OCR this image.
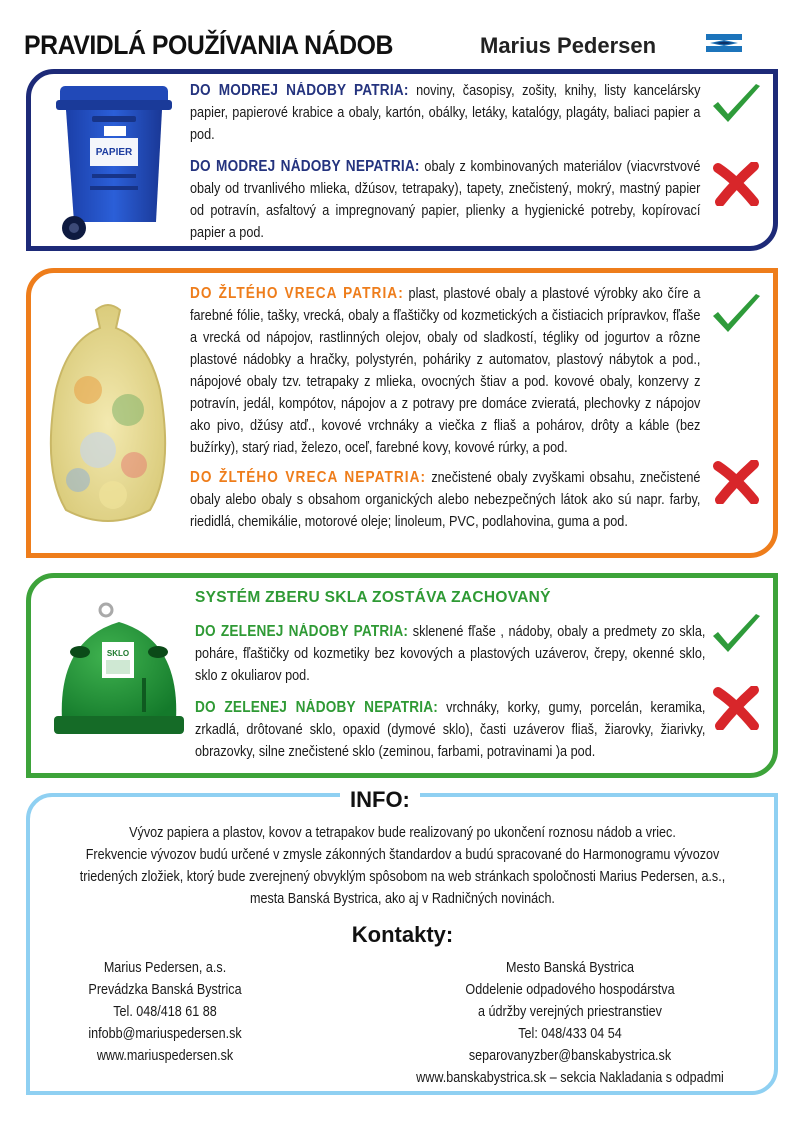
PRAVIDLÁ POUŽÍVANIA NÁDOB	Marius Pedersen
PAPIER
DO MODREJ NÁDOBY PATRIA: noviny, časopisy, zošity, knihy, listy kancelársky papier, papierové krabice a obaly, kartón, obálky, letáky, katalógy, plagáty, baliaci papier a pod.
DO MODREJ NÁDOBY NEPATRIA: obaly z kombinovaných materiálov (viacvrstvové obaly od trvanlivého mlieka, džúsov, tetrapaky), tapety, znečistený, mokrý, mastný papier od potravín, asfaltový a impregnovaný papier, plienky a hygienické potreby, kopírovací papier a pod.
DO ŽLTÉHO VRECA PATRIA: plast, plastové obaly a plastové výrobky ako číre a farebné fólie, tašky, vrecká, obaly a fľaštičky od kozmetických a čistiacich prípravkov, fľaše a vrecká od nápojov, rastlinných olejov, obaly od sladkostí, tégliky od jogurtov a rôzne plastové nádobky a hračky, polystyrén, poháriky z automatov, plastový nábytok a pod., nápojové obaly tzv. tetrapaky z mlieka, ovocných štiav a pod. kovové obaly, konzervy z potravín, jedál, kompótov, nápojov a z potravy pre domáce zvieratá, plechovky z nápojov ako pivo, džúsy atď., kovové vrchnáky a viečka z fliaš a pohárov, drôty a káble (bez bužírky), starý riad, železo, oceľ, farebné kovy, kovové rúrky, a pod.
DO ŽLTÉHO VRECA NEPATRIA: znečistené obaly zvyškami obsahu, znečistené obaly alebo obaly s obsahom organických alebo nebezpečných látok ako sú napr. farby, riedidlá, chemikálie, motorové oleje; linoleum, PVC, podlahovina, guma a pod.
SYSTÉM ZBERU SKLA ZOSTÁVA ZACHOVANÝ
SKLO
DO ZELENEJ NÁDOBY PATRIA: sklenené fľaše , nádoby, obaly a predmety zo skla, poháre, fľaštičky od kozmetiky bez kovových a plastových uzáverov, črepy, okenné sklo, sklo z okuliarov pod.
DO ZELENEJ NÁDOBY NEPATRIA: vrchnáky, korky, gumy, porcelán, keramika, zrkadlá, drôtované sklo, opaxid (dymové sklo), časti uzáverov fliaš, žiarovky, žiarivky, obrazovky, silne znečistené sklo (zeminou, farbami, potravinami )a pod.
INFO:
Vývoz papiera a plastov, kovov a tetrapakov bude realizovaný po ukončení roznosu nádob a vriec.
Frekvencie vývozov budú určené v zmysle zákonných štandardov a budú spracované do Harmonogramu vývozov
triedených zložiek, ktorý bude zverejnený obvyklým spôsobom na web stránkach spoločnosti Marius Pedersen, a.s.,
mesta Banská Bystrica, ako aj v Radničných novinách.
Kontakty:
Marius Pedersen, a.s.
Prevádzka Banská Bystrica
Tel. 048/418 61 88
infobb@mariuspedersen.sk
www.mariuspedersen.sk
Mesto Banská Bystrica
Oddelenie odpadového hospodárstva
a údržby verejných priestranstiev
Tel: 048/433 04 54
separovanyzber@banskabystrica.sk
www.banskabystrica.sk – sekcia Nakladania s odpadmi
